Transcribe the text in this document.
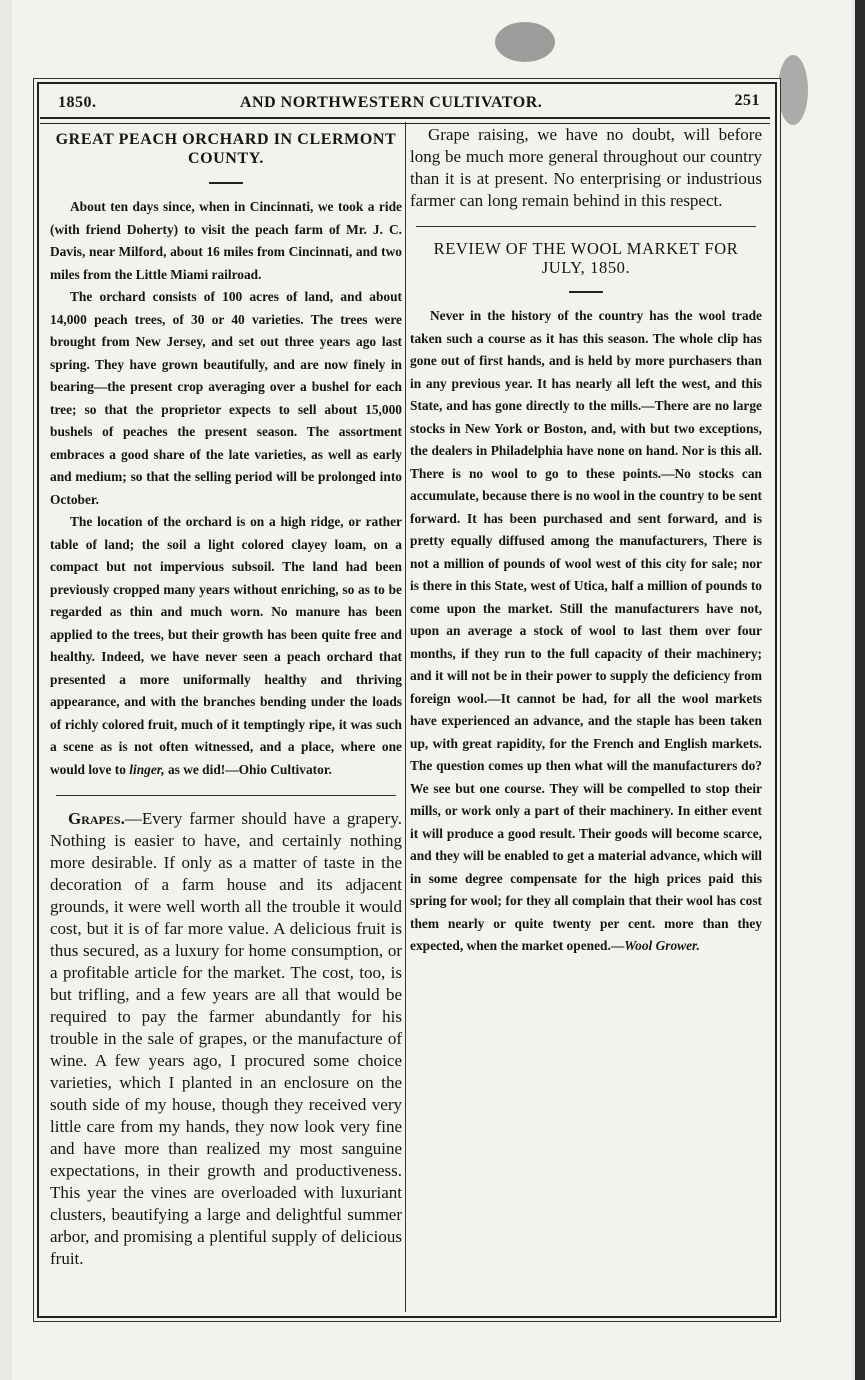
1850.	AND NORTHWESTERN CULTIVATOR.	251
GREAT PEACH ORCHARD IN CLERMONT COUNTY.

About ten days since, when in Cincinnati, we took a ride (with friend Doherty) to visit the peach farm of Mr. J. C. Davis, near Milford, about 16 miles from Cincinnati, and two miles from the Little Miami railroad.

The orchard consists of 100 acres of land, and about 14,000 peach trees, of 30 or 40 varieties. The trees were brought from New Jersey, and set out three years ago last spring. They have grown beautifully, and are now finely in bearing—the present crop averaging over a bushel for each tree; so that the proprietor expects to sell about 15,000 bushels of peaches the present season. The assortment embraces a good share of the late varieties, as well as early and medium; so that the selling period will be prolonged into October.

The location of the orchard is on a high ridge, or rather table of land; the soil a light colored clayey loam, on a compact but not impervious subsoil. The land had been previously cropped many years without enriching, so as to be regarded as thin and much worn. No manure has been applied to the trees, but their growth has been quite free and healthy. Indeed, we have never seen a peach orchard that presented a more uniformally healthy and thriving appearance, and with the branches bending under the loads of richly colored fruit, much of it temptingly ripe, it was such a scene as is not often witnessed, and a place, where one would love to linger, as we did!—Ohio Cultivator.

Grapes.—Every farmer should have a grapery. Nothing is easier to have, and certainly nothing more desirable. If only as a matter of taste in the decoration of a farm house and its adjacent grounds, it were well worth all the trouble it would cost, but it is of far more value. A delicious fruit is thus secured, as a luxury for home consumption, or a profitable article for the market. The cost, too, is but trifling, and a few years are all that would be required to pay the farmer abundantly for his trouble in the sale of grapes, or the manufacture of wine. A few years ago, I procured some choice varieties, which I planted in an enclosure on the south side of my house, though they received very little care from my hands, they now look very fine and have more than realized my most sanguine expectations, in their growth and productiveness. This year the vines are overloaded with luxuriant clusters, beautifying a large and delightful summer arbor, and promising a plentiful supply of delicious fruit.

Grape raising, we have no doubt, will before long be much more general throughout our country than it is at present. No enterprising or industrious farmer can long remain behind in this respect.

REVIEW OF THE WOOL MARKET FOR
JULY, 1850.

Never in the history of the country has the wool trade taken such a course as it has this season. The whole clip has gone out of first hands, and is held by more purchasers than in any previous year. It has nearly all left the west, and this State, and has gone directly to the mills.—There are no large stocks in New York or Boston, and, with but two exceptions, the dealers in Philadelphia have none on hand. Nor is this all. There is no wool to go to these points.—No stocks can accumulate, because there is no wool in the country to be sent forward. It has been purchased and sent forward, and is pretty equally diffused among the manufacturers, There is not a million of pounds of wool west of this city for sale; nor is there in this State, west of Utica, half a million of pounds to come upon the market. Still the manufacturers have not, upon an average a stock of wool to last them over four months, if they run to the full capacity of their machinery; and it will not be in their power to supply the deficiency from foreign wool.—It cannot be had, for all the wool markets have experienced an advance, and the staple has been taken up, with great rapidity, for the French and English markets. The question comes up then what will the manufacturers do? We see but one course. They will be compelled to stop their mills, or work only a part of their machinery. In either event it will produce a good result. Their goods will become scarce, and they will be enabled to get a material advance, which will in some degree compensate for the high prices paid this spring for wool; for they all complain that their wool has cost them nearly or quite twenty per cent. more than they expected, when the market opened.—Wool Grower.
